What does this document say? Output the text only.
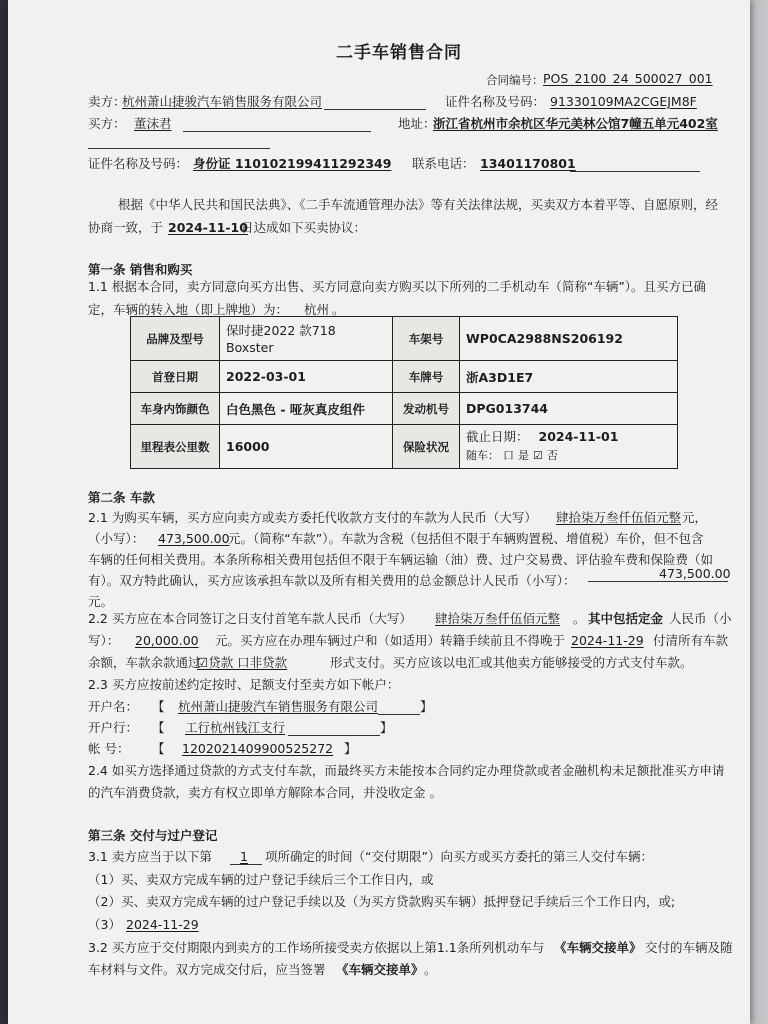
二手车销售合同
合同编号： POS_2100_24_500027_001
卖方：
杭州萧山捷骏汽车销售服务有限公司	证件名称及号码： 91330109MA2CGEJM8F
买方： 董沫君	地址：
浙江省杭州市余杭区华元美林公馆7幢五单元402室
证件名称及号码： 身份证 110102199411292349 联系电话： 13401170801
根据《中华人民共和国民法典》、《二手车流通管理办法》等有关法律法规，买卖双方本着平等、自愿原则，经
协商一致，于 2024-11-10
日达成如下买卖协议：
第一条 销售和购买
1.1 根据本合同，卖方同意向买方出售、买方同意向卖方购买以下所列的二手机动车（简称“车辆”）。且买方已确
定，车辆的转入地（即上牌地）为： 杭州 。
品牌及型号	保时捷2022 款718
Boxster	车架号	WP0CA2988NS206192
首登日期	2022-03-01	车牌号	浙A3D1E7
车身内饰颜色	白色黑色 - 哑灰真皮组件	发动机号	DPG013744
里程表公里数	16000	保险状况	截止日期： 2024-11-01
随车： 口 是 ☑ 否
第二条 车款
2.1 为购买车辆，买方应向卖方或卖方委托代收款方支付的车款为人民币（大写） 肆拾柒万叁仟伍佰元整 元，
（小写）： 473,500.00
元。（简称“车款”）。车款为含税（包括但不限于车辆购置税、增值税）车价，但不包含
车辆的任何相关费用。本条所称相关费用包括但不限于车辆运输（油）费、过户交易费、评估验车费和保险费（如
有）。双方特此确认，买方应该承担车款以及所有相关费用的总金额总计人民币（小写）：	473,500.00
元。
2.2 买方应在本合同签订之日支付首笔车款人民币（大写） 肆拾柒万叁仟伍佰元整 。 其中包括定金 人民币（小
写）： 20,000.00 元。买方应在办理车辆过户和（如适用）转籍手续前且不得晚于 2024-11-29 付清所有车款
余额，车款余款通过
☑贷款 口非贷款	形式支付。买方应该以电汇或其他卖方能够接受的方式支付车款。
2.3 买方应按前述约定按时、足额支付至卖方如下帐户：
开户名： 【 杭州萧山捷骏汽车销售服务有限公司	】
开户行： 【 工行杭州钱江支行	】
帐 号： 【 1202021409900525272 】
2.4 如买方选择通过贷款的方式支付车款，而最终买方未能按本合同约定办理贷款或者金融机构未足额批准买方申请
的汽车消费贷款，卖方有权立即单方解除本合同，并没收定金 。
第三条 交付与过户登记
3.1 卖方应当于以下第 1 项所确定的时间（“交付期限”）向买方或买方委托的第三人交付车辆：
（1）买、卖双方完成车辆的过户登记手续后三个工作日内，或
（2）买、卖双方完成车辆的过户登记手续以及（为买方贷款购买车辆）抵押登记手续后三个工作日内，或;
（3） 2024-11-29
3.2 买方应于交付期限内到卖方的工作场所接受卖方依据以上第1.1条所列机动车与 《车辆交接单》 交付的车辆及随
车材料与文件。双方完成交付后，应当签署 《车辆交接单》 。
